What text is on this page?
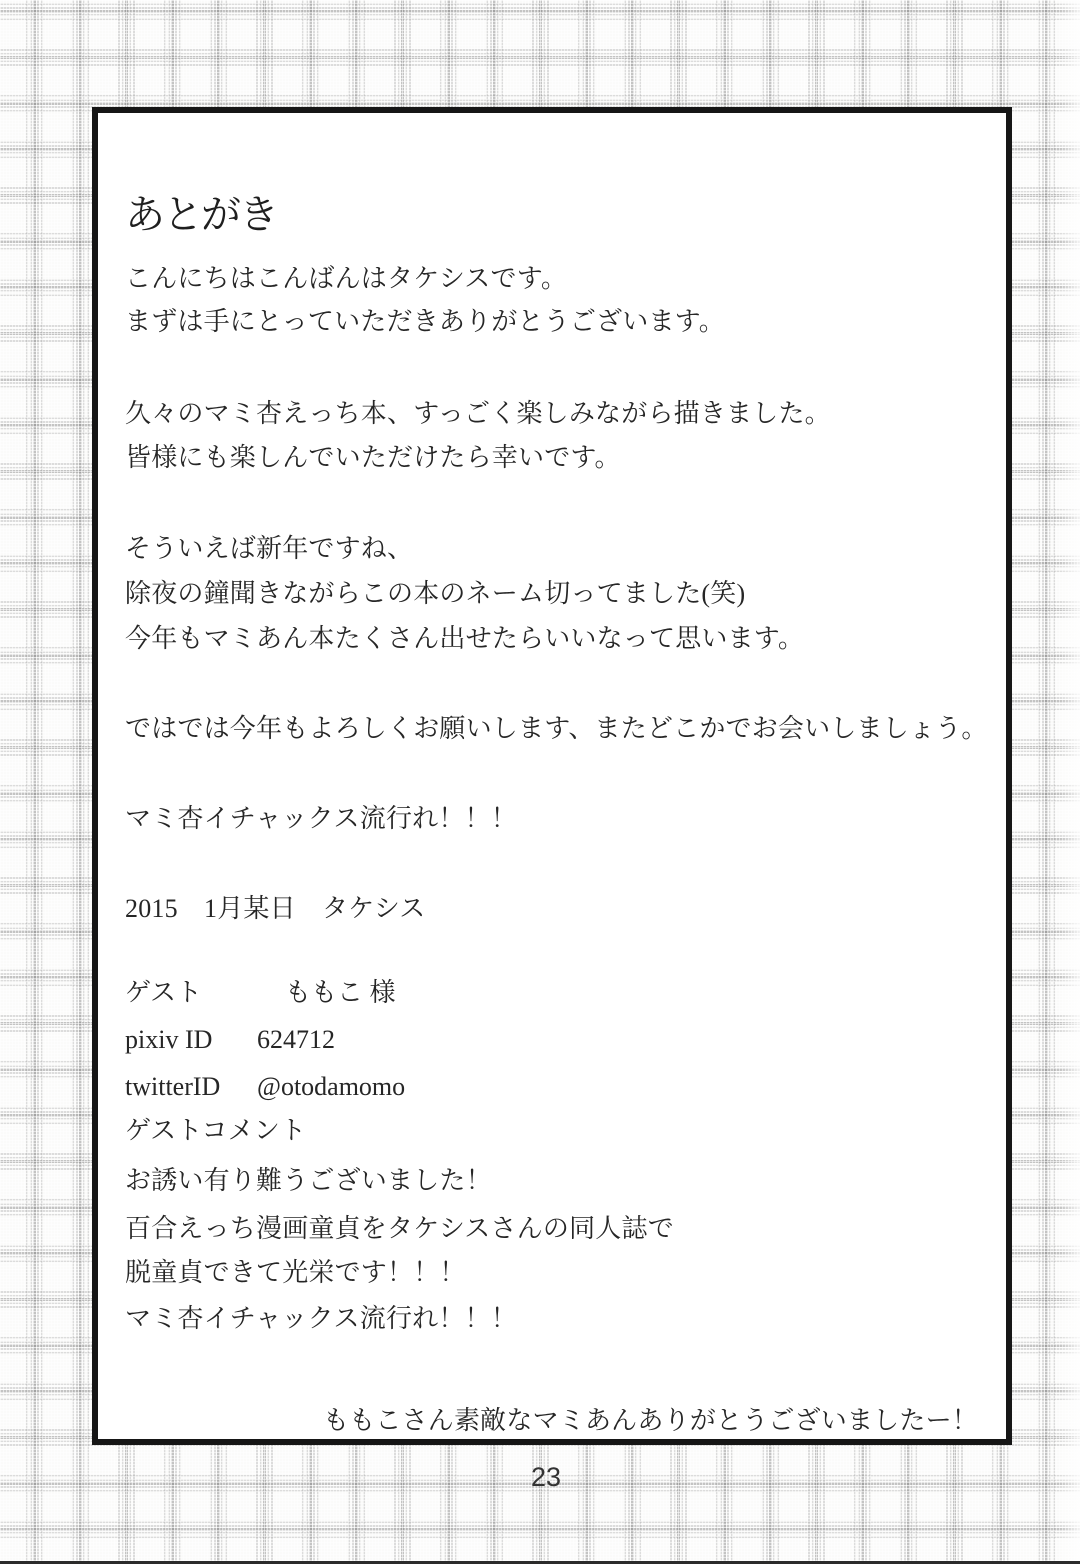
あとがき
こんにちはこんばんはタケシスです。
まずは手にとっていただきありがとうございます。
久々のマミ杏えっち本、すっごく楽しみながら描きました。
皆様にも楽しんでいただけたら幸いです。
そういえば新年ですね、
除夜の鐘聞きながらこの本のネーム切ってました(笑)
今年もマミあん本たくさん出せたらいいなって思います。
ではでは今年もよろしくお願いします、またどこかでお会いしましょう。
マミ杏イチャックス流行れ！！！
2015　1月某日　タケシス
ゲスト	ももこ 様
pixiv ID	624712
twitterID	@otodamomo
ゲストコメント
お誘い有り難うございました！
百合えっち漫画童貞をタケシスさんの同人誌で
脱童貞できて光栄です！！！
マミ杏イチャックス流行れ！！！
ももこさん素敵なマミあんありがとうございましたー！
23
